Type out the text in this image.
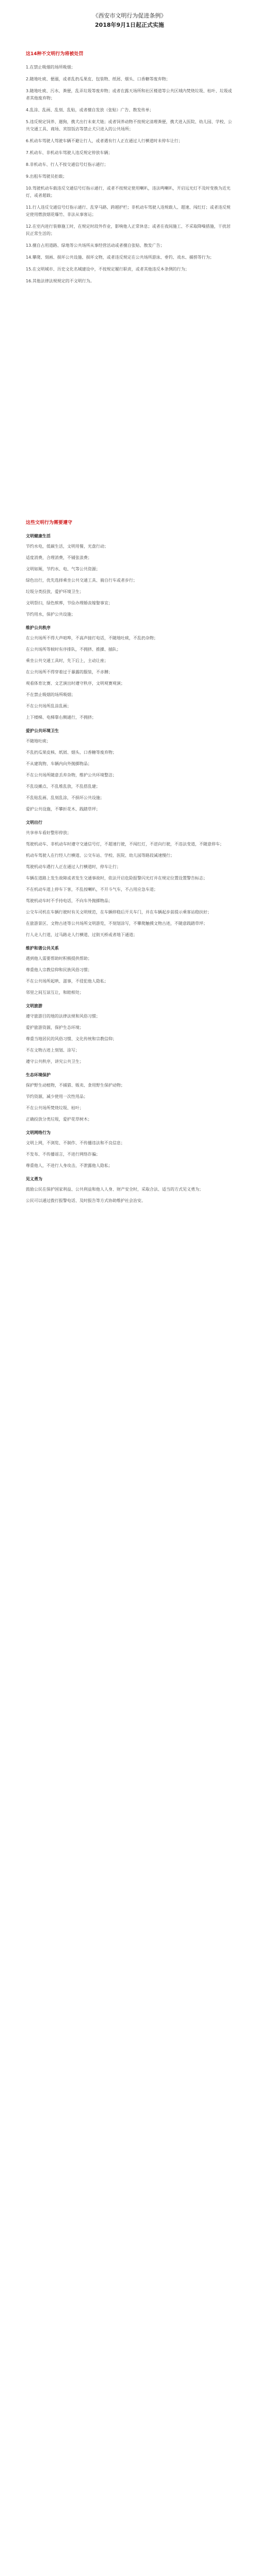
《西安市文明行为促进条例》
2018年9月1日起正式实施
这14种不文明行为将被处罚
1.在禁止吸烟的场所吸烟；
2.随地吐痰、便溺，或者乱扔瓜果皮、包装物、纸屑、烟头、口香糖等废弃物；
3.随地吐痰、污水、粪便，乱弄垃圾等废弃物；或者在露天场所和社区楼道等公共区域内焚烧垃圾、枯叶、垃圾或者其他废弃物；
4.乱涂、乱画、乱刻、乱贴，或者擅自发放（张贴）广告、散发传单；
5.违反规定饲养、遛狗，携犬出行未束犬链；或者饲养动物不按规定清理粪便，携犬进入医院、幼儿园、学校、公共交通工具、商场、宾馆饭店等禁止犬只进入的公共场所；
6.机动车驾驶人驾驶车辆不避让行人，或者遇有行人正在通过人行横道时未停车让行；
7.机动车、非机动车驾驶人违反规定停放车辆；
8.非机动车、行人不按交通信号灯指示通行；
9.出租车驾驶员拒载；
10.驾驶机动车载违反交通信号灯指示通行，或者不按规定使用喇叭，违法鸣喇叭，开启远光灯不及时变换为近光灯，或者超载；
11.行人违反交通信号灯指示通行、乱穿马路、跨越护栏；非机动车驾驶人违规载人、超速、闯红灯；或者违反规定使用燃放烟花爆竹、非法从事客运；
12.在室内进行装修施工时，在规定时段外作业，影响他人正常休息；或者在夜间施工、不采取降噪措施，干扰居民正常生活的；
13.擅自占用道路、绿地等公共场所从事经营活动或者擅自张贴、散发广告；
14.攀爬、刻画、损坏公共设施、损坏文物，或者违反规定在公共场所游泳、垂钓、戏水、捕捞等行为；
15.在文明城市、历史文化名城建设中，不按规定履行职责，或者其他违反本条例的行为；
16.其他法律法规规定的不文明行为。
这些文明行为需要遵守
文明健康生活
节约水电，低碳生活，文明用餐，光盘行动；
适度消费，合理消费，不铺张浪费；
文明如厕，节约水、电、气等公共资源；
绿色出行，优先选择乘坐公共交通工具、骑自行车或者步行；
垃圾分类投放，爱护环境卫生；
文明祭扫，绿色殡葬，节俭办理婚丧嫁娶事宜；
节约用水，保护公共设施；
维护公共秩序
在公共场所不得大声喧哗，不高声接打电话，不随地吐痰，不乱扔杂物；
在公共场所等候时有序排队，不拥挤、推搡、插队；
乘坐公共交通工具时，先下后上，主动让座；
在公共场所不得穿着过于暴露的服装，不赤膊；
观看体育比赛、文艺演出时遵守秩序，文明观赛观演；
不在禁止吸烟的场所吸烟；
不在公共场所乱涂乱画；
上下楼梯、电梯靠右侧通行，不拥挤；
爱护公共环境卫生
不随地吐痰；
不乱扔瓜果皮核、纸屑、烟头、口香糖等废弃物；
不从建筑物、车辆内向外抛掷物品；
不在公共场所随意丢弃杂物，维护公共环境整洁；
不乱设摊点、不乱堆乱放，不乱搭乱建；
不乱贴乱画、乱刻乱涂，不损坏公共设施；
爱护公共设施，不攀折花木、践踏草坪；
文明出行
共享单车看好整形停放；
驾驶机动车、非机动车时遵守交通信号灯，不超速行驶，不闯红灯，不逆向行驶，不违法变道，不随意停车；
机动车驾驶人在行经人行横道、公交车站、学校、医院、幼儿园等路段减速慢行；
驾驶机动车遇行人正在通过人行横道时，停车让行；
车辆在道路上发生故障或者发生交通事故时，依法开启危险报警闪光灯并在规定位置设置警告标志；
不在机动车道上停车下客，不乱按喇叭，不开斗气车，不占用应急车道；
驾驶机动车时不手持电话，不向车外抛掷物品；
公交车司机在车辆行驶时有关文明规范，在车辆停稳后开关车门，并在车辆起步前提示乘客站稳扶好；
在旅游景区、文物古迹等公共场所文明游览，不刻划涂写，不攀爬触摸文物古迹，不随意践踏草坪；
行人走人行道，过马路走人行横道、过街天桥或者地下通道；
维护和谐公共关系
遇到他人需要帮助时积极提供帮助；
尊重他人宗教信仰和民族风俗习惯；
不在公共场所起哄、滋事，不侵犯他人隐私；
邻里之间互谅互让，和睦相处；
文明旅游
遵守旅游目的地的法律法规和风俗习惯；
爱护旅游资源，保护生态环境；
尊重当地居民的风俗习惯、文化传统和宗教信仰；
不在文物古迹上刻划、涂写；
遵守公共秩序，讲究公共卫生；
生态环境保护
保护野生动植物，不捕猎、贩卖、食用野生保护动物；
节约资源，减少使用一次性用品；
不在公共场所焚烧垃圾、枯叶；
正确投放分类垃圾，爱护花草树木；
文明网络行为
文明上网，不浏览、不制作、不传播违法和不良信息；
不发布、不传播谣言，不进行网络诈骗；
尊重他人，不进行人身攻击，不泄露他人隐私；
见义勇为
鼓励公民在保护国家利益、公共利益和他人人身、财产安全时，采取合法、适当的方式见义勇为；
公民可以通过拨打报警电话、及时报告等方式协助维护社会治安。
